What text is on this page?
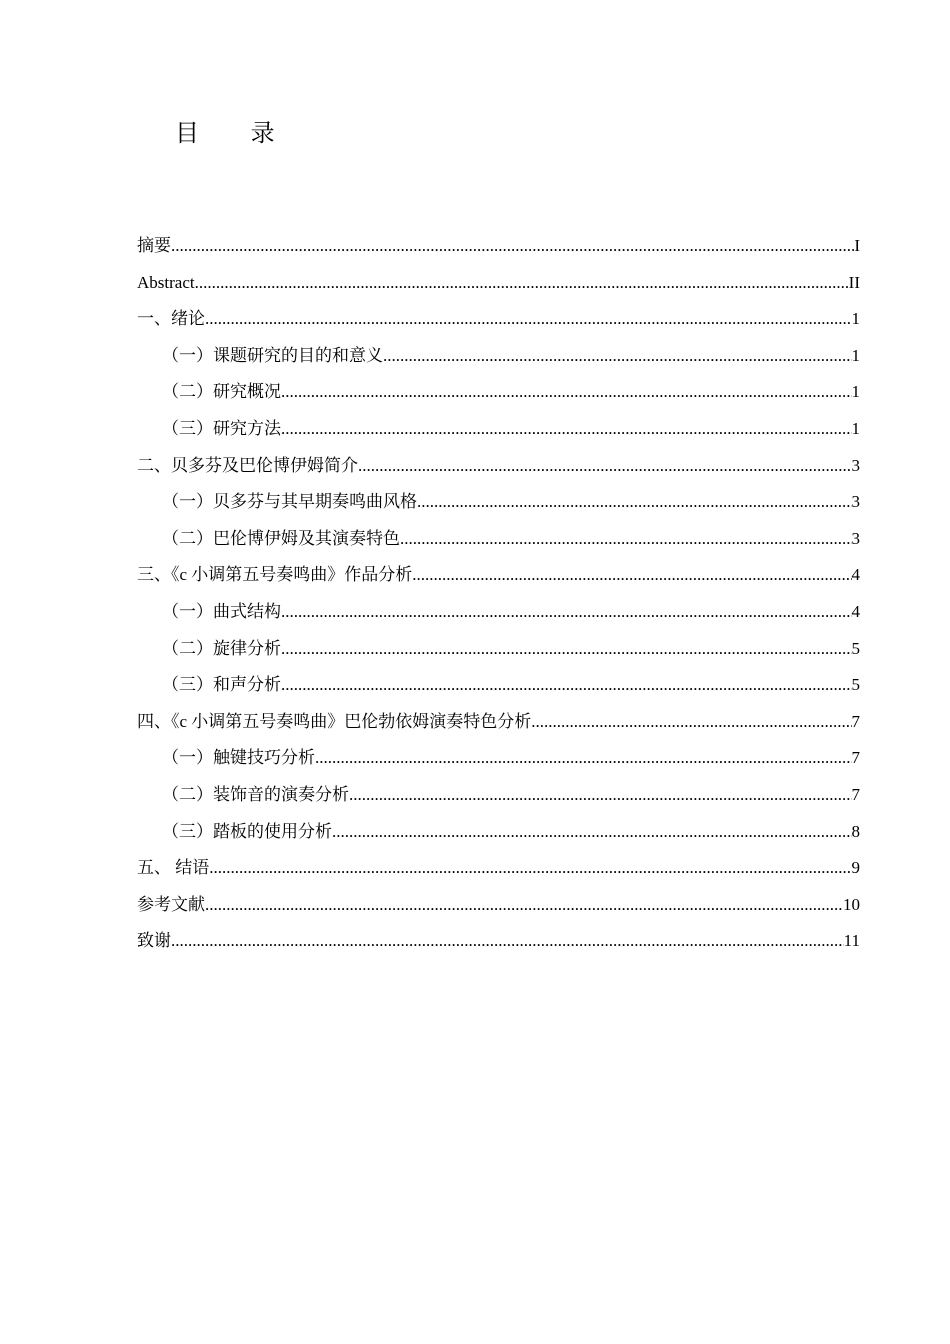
目 录
摘要 .....	I
Abstract .....	II
一、绪论 .....	1
（一）课题研究的目的和意义 .....	1
（二）研究概况 .....	1
（三）研究方法 .....	1
二、贝多芬及巴伦博伊姆简介 .....	3
（一）贝多芬与其早期奏鸣曲风格 .....	3
（二）巴伦博伊姆及其演奏特色 .....	3
三、《c 小调第五号奏鸣曲》作品分析 .....	4
（一）曲式结构 .....	4
（二）旋律分析 .....	5
（三）和声分析 .....	5
四、《c 小调第五号奏鸣曲》巴伦勃依姆演奏特色分析 .....	7
（一）触键技巧分析 .....	7
（二）装饰音的演奏分析 .....	7
（三）踏板的使用分析 .....	8
五、 结语 .....	9
参考文献 .....	10
致谢 .....	11
